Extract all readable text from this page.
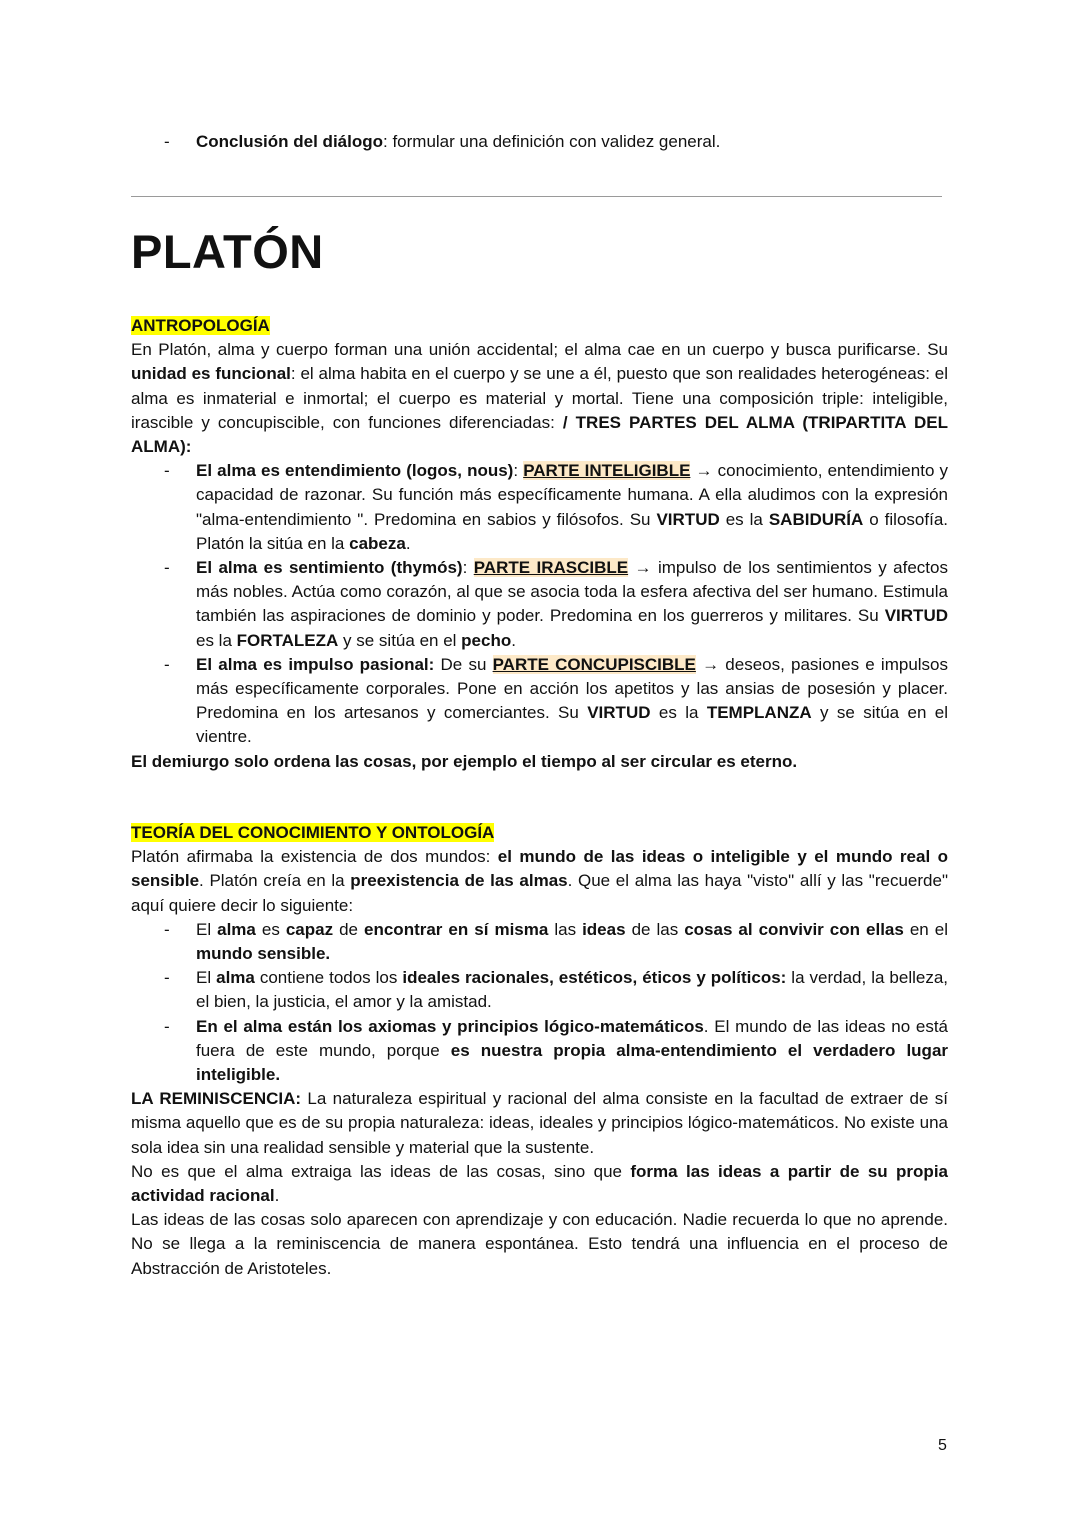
- Conclusión del diálogo: formular una definición con validez general.

PLATÓN

ANTROPOLOGÍA

En Platón, alma y cuerpo forman una unión accidental; el alma cae en un cuerpo y busca purificarse. Su unidad es funcional: el alma habita en el cuerpo y se une a él, puesto que son realidades heterogéneas: el alma es inmaterial e inmortal; el cuerpo es material y mortal. Tiene una composición triple: inteligible, irascible y concupiscible, con funciones diferenciadas: / TRES PARTES DEL ALMA (TRIPARTITA DEL ALMA):

- El alma es entendimiento (logos, nous): PARTE INTELIGIBLE → conocimiento, entendimiento y capacidad de razonar. Su función más específicamente humana. A ella aludimos con la expresión "alma-entendimiento ". Predomina en sabios y filósofos. Su VIRTUD es la SABIDURÍA o filosofía. Platón la sitúa en la cabeza.

- El alma es sentimiento (thymós): PARTE IRASCIBLE → impulso de los sentimientos y afectos más nobles. Actúa como corazón, al que se asocia toda la esfera afectiva del ser humano. Estimula también las aspiraciones de dominio y poder. Predomina en los guerreros y militares. Su VIRTUD es la FORTALEZA y se sitúa en el pecho.

- El alma es impulso pasional: De su PARTE CONCUPISCIBLE → deseos, pasiones e impulsos más específicamente corporales. Pone en acción los apetitos y las ansias de posesión y placer. Predomina en los artesanos y comerciantes. Su VIRTUD es la TEMPLANZA y se sitúa en el vientre.

El demiurgo solo ordena las cosas, por ejemplo el tiempo al ser circular es eterno.

TEORÍA DEL CONOCIMIENTO Y ONTOLOGÍA

Platón afirmaba la existencia de dos mundos: el mundo de las ideas o inteligible y el mundo real o sensible. Platón creía en la preexistencia de las almas. Que el alma las haya "visto" allí y las "recuerde" aquí quiere decir lo siguiente:

- El alma es capaz de encontrar en sí misma las ideas de las cosas al convivir con ellas en el mundo sensible.

- El alma contiene todos los ideales racionales, estéticos, éticos y políticos: la verdad, la belleza, el bien, la justicia, el amor y la amistad.

- En el alma están los axiomas y principios lógico-matemáticos. El mundo de las ideas no está fuera de este mundo, porque es nuestra propia alma-entendimiento el verdadero lugar inteligible.

LA REMINISCENCIA: La naturaleza espiritual y racional del alma consiste en la facultad de extraer de sí misma aquello que es de su propia naturaleza: ideas, ideales y principios lógico-matemáticos. No existe una sola idea sin una realidad sensible y material que la sustente.

No es que el alma extraiga las ideas de las cosas, sino que forma las ideas a partir de su propia actividad racional.

Las ideas de las cosas solo aparecen con aprendizaje y con educación. Nadie recuerda lo que no aprende. No se llega a la reminiscencia de manera espontánea. Esto tendrá una influencia en el proceso de Abstracción de Aristoteles.

5
